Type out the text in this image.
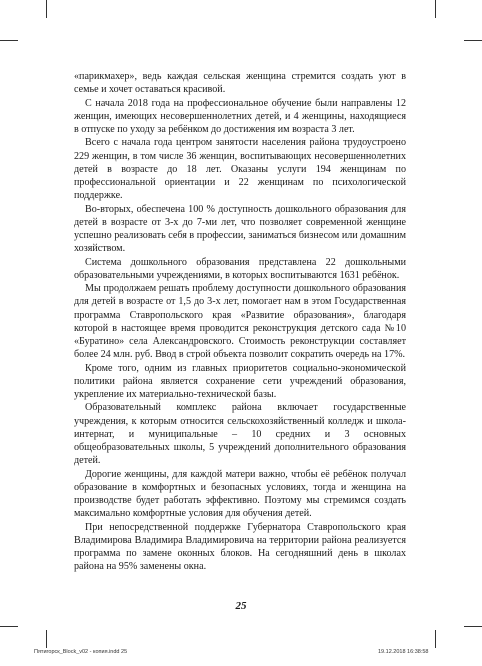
«парикмахер», ведь каждая сельская женщина стремится создать уют в семье и хочет оставаться красивой.

С начала 2018 года на профессиональное обучение были направлены 12 женщин, имеющих несовершеннолетних детей, и 4 женщины, находящиеся в отпуске по уходу за ребёнком до достижения им возраста 3 лет.

Всего с начала года центром занятости населения района трудоустроено 229 женщин, в том числе 36 женщин, воспитывающих несовершеннолетних детей в возрасте до 18 лет. Оказаны услуги 194 женщинам по профессиональной ориентации и 22 женщинам по психологической поддержке.

Во-вторых, обеспечена 100 % доступность дошкольного образования для детей в возрасте от 3-х до 7-ми лет, что позволяет современной женщине успешно реализовать себя в профессии, заниматься бизнесом или домашним хозяйством.

Система дошкольного образования представлена 22 дошкольными образовательными учреждениями, в которых воспитываются 1631 ребёнок.

Мы продолжаем решать проблему доступности дошкольного образования для детей в возрасте от 1,5 до 3-х лет, помогает нам в этом Государственная программа Ставропольского края «Развитие образования», благодаря которой в настоящее время проводится реконструкция детского сада №10 «Буратино» села Александровского. Стоимость реконструкции составляет более 24 млн. руб. Ввод в строй объекта позволит сократить очередь на 17%.

Кроме того, одним из главных приоритетов социально-экономической политики района является сохранение сети учреждений образования, укрепление их материально-технической базы.

Образовательный комплекс района включает государственные учреждения, к которым относится сельскохозяйственный колледж и школа-интернат, и муниципальные – 10 средних и 3 основных общеобразовательных школы, 5 учреждений дополнительного образования детей.

Дорогие женщины, для каждой матери важно, чтобы её ребёнок получал образование в комфортных и безопасных условиях, тогда и женщина на производстве будет работать эффективно. Поэтому мы стремимся создать максимально комфортные условия для обучения детей.

При непосредственной поддержке Губернатора Ставропольского края Владимирова Владимира Владимировича на территории района реализуется программа по замене оконных блоков. На сегодняшний день в школах района на 95% заменены окна.

25
Пятигорск_Block_v02 - копия.indd 25	19.12.2018 16:38:58
